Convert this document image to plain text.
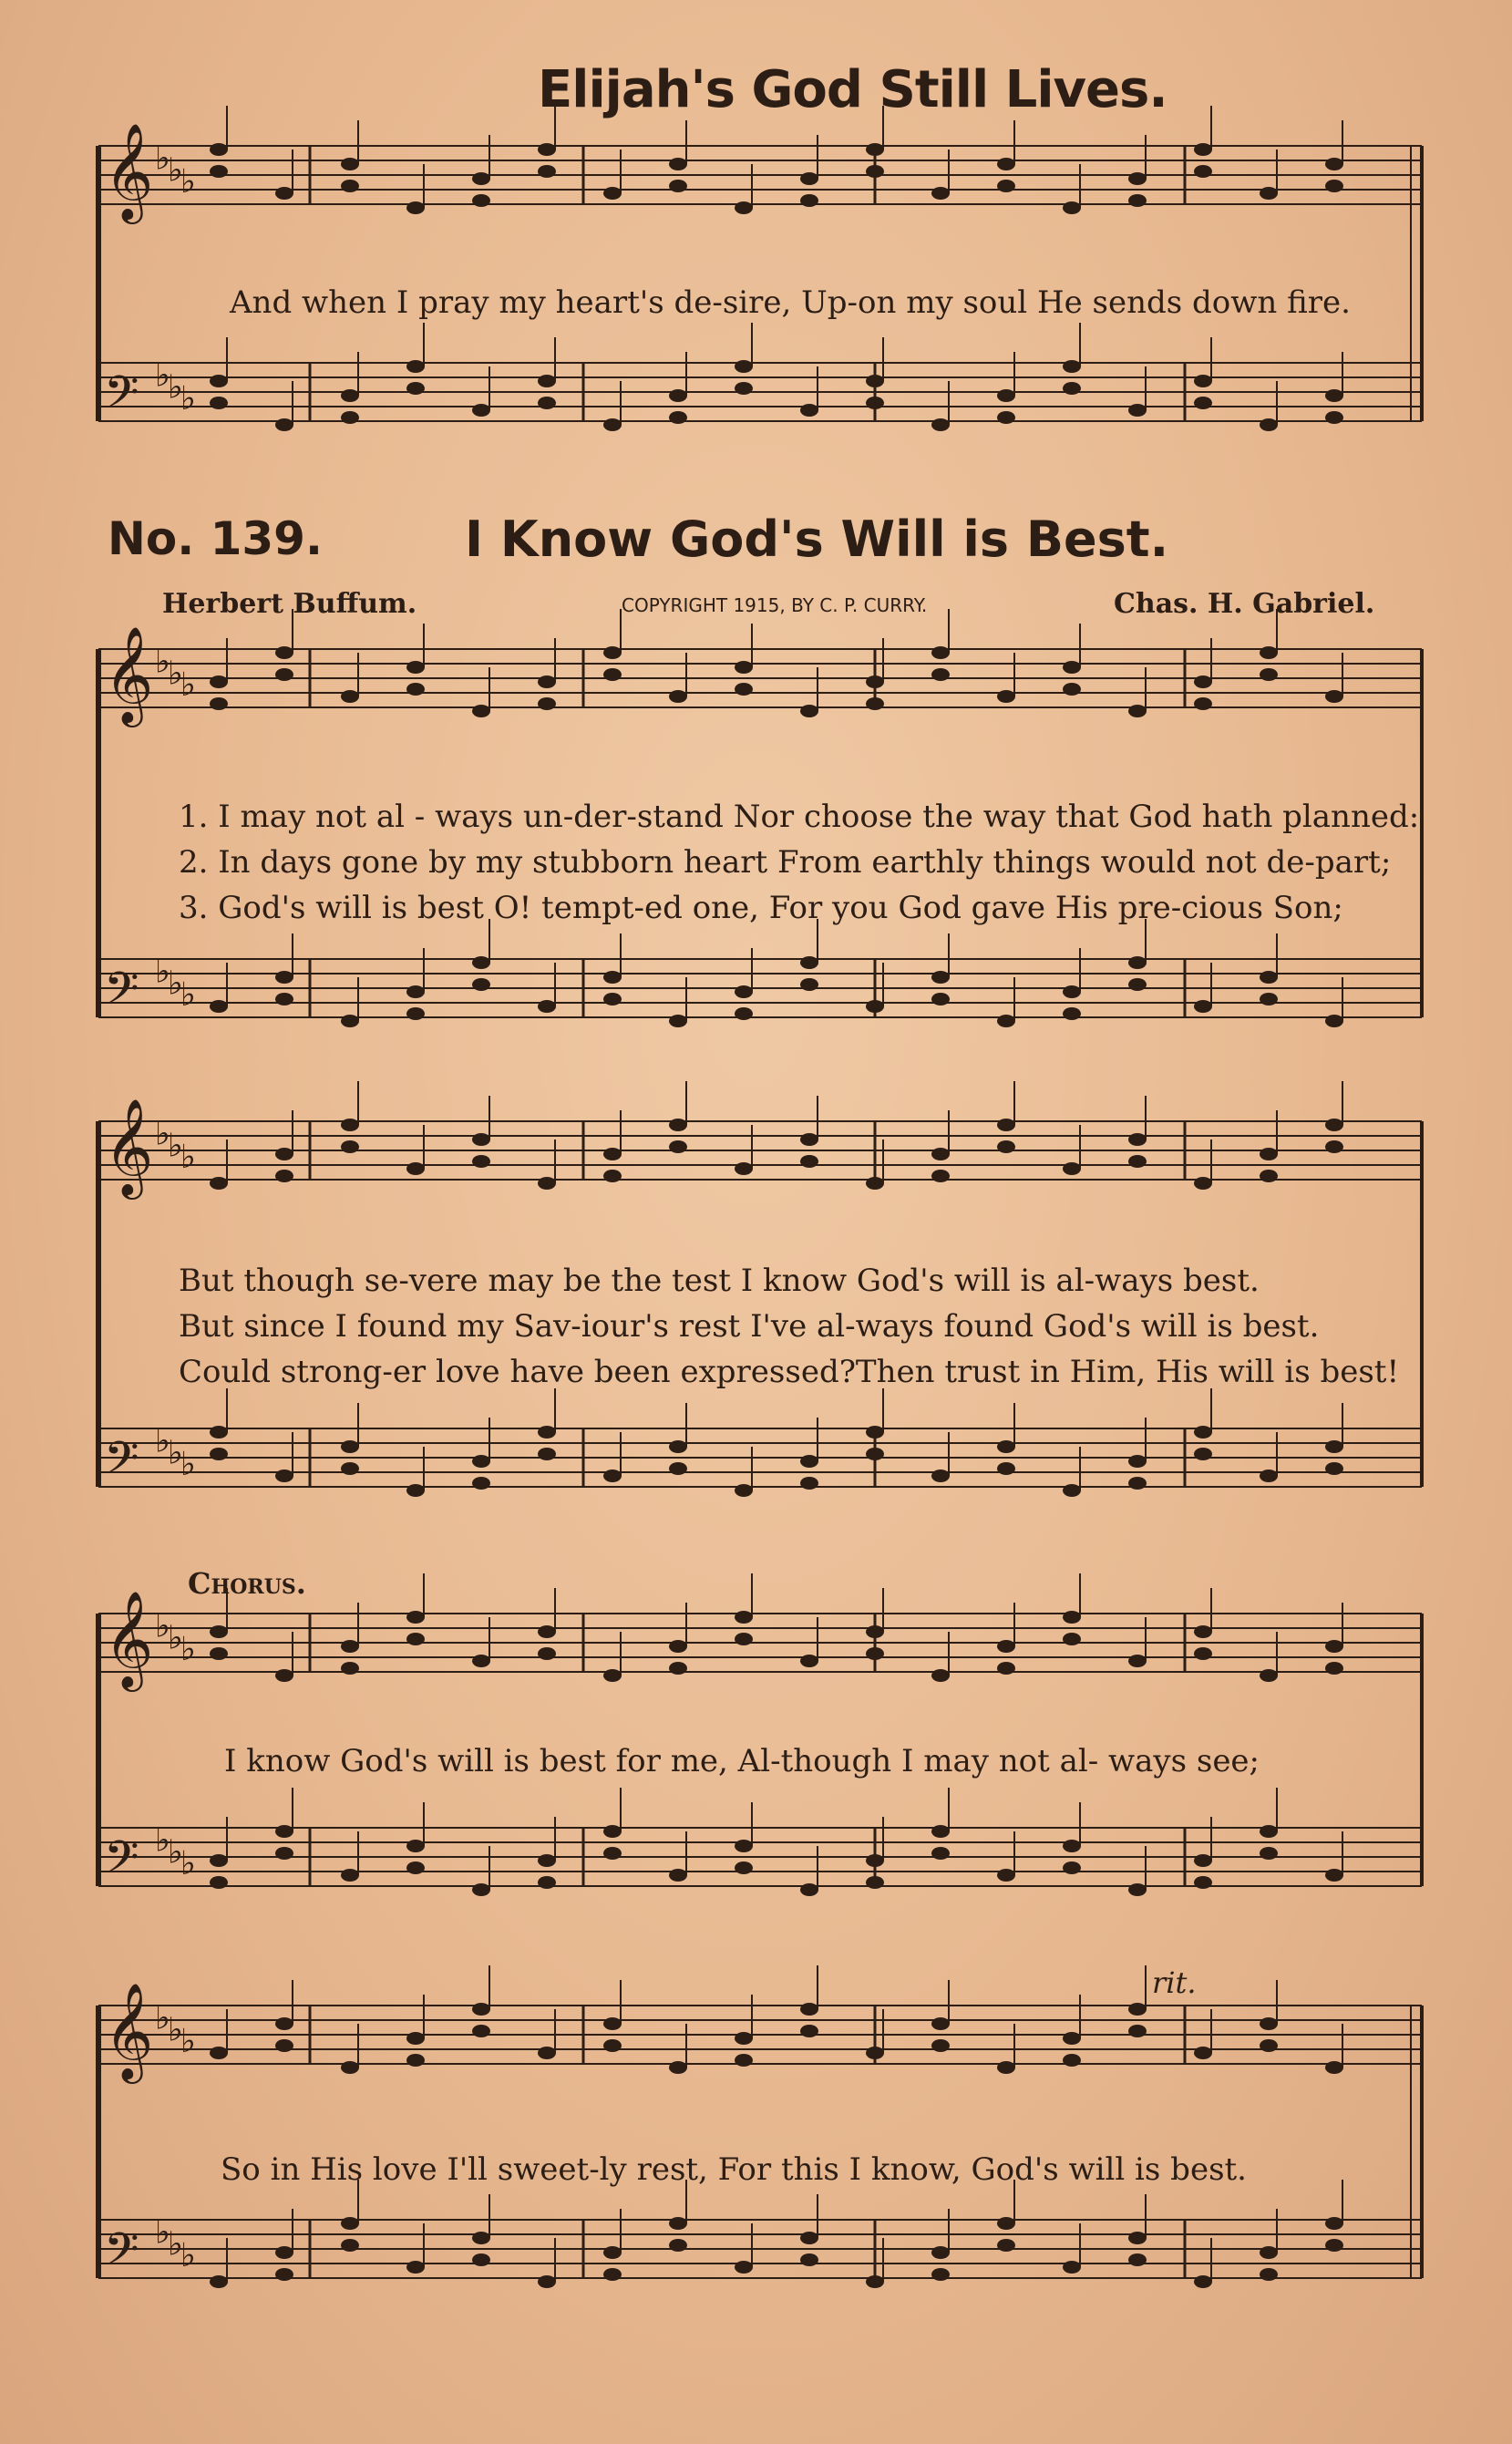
𝄞 ♭
♭
♭
𝄢 ♭
♭
♭
𝄞 ♭
♭
♭
𝄢 ♭
♭
♭
𝄞 ♭
♭
♭
𝄢 ♭
♭
♭
𝄞 ♭
♭
♭
𝄢 ♭
♭
♭
𝄞 ♭
♭
♭
𝄢 ♭
♭
♭
Elijah's God Still Lives.
And when I pray my heart's de-sire, Up-on my soul He sends down fire.
No. 139.	I Know God's Will is Best.
Herbert Buffum.	COPYRIGHT 1915, BY C. P. CURRY.	Chas. H. Gabriel.
1. I may not al - ways un-der-stand Nor choose the way that God hath planned:
2. In days gone by my stubborn heart From earthly things would not de-part;
3. God's will is best O! tempt-ed one, For you God gave His pre-cious Son;
But though se-vere may be the test I know God's will is al-ways best.
But since I found my Sav-iour's rest I've al-ways found God's will is best.
Could strong-er love have been expressed?Then trust in Him, His will is best!
Chorus.
I know God's will is best for me, Al-though I may not al- ways see;
rit.
So in His love I'll sweet-ly rest, For this I know, God's will is best.
